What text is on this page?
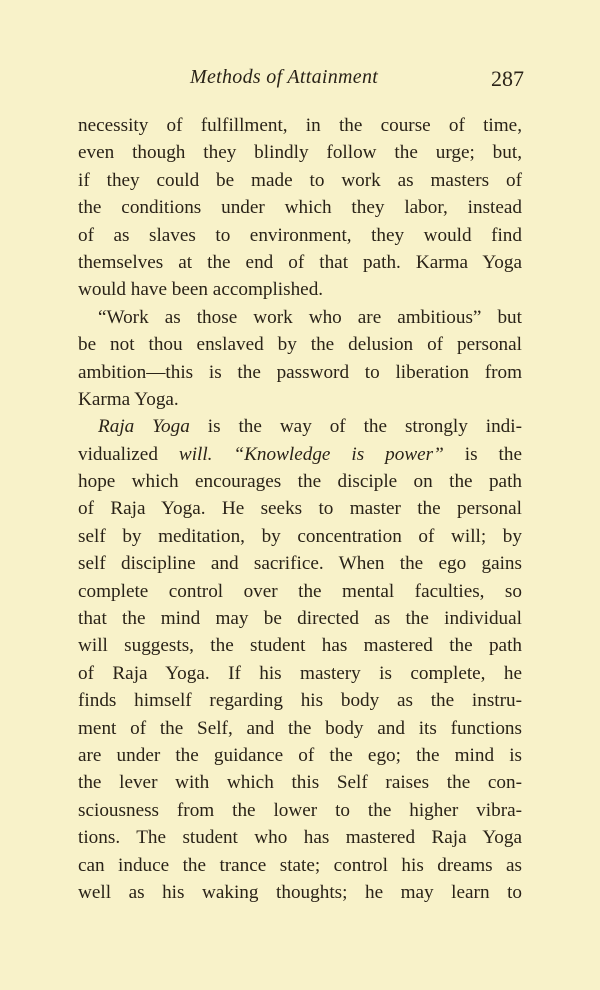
Methods of Attainment	287
necessity of fulfillment, in the course of time,
even though they blindly follow the urge; but,
if they could be made to work as masters of
the conditions under which they labor, instead
of as slaves to environment, they would find
themselves at the end of that path. Karma Yoga
would have been accomplished.
“Work as those work who are ambitious” but
be not thou enslaved by the delusion of personal
ambition—this is the password to liberation from
Karma Yoga.
Raja Yoga is the way of the strongly indi-
vidualized will. “Knowledge is power” is the
hope which encourages the disciple on the path
of Raja Yoga. He seeks to master the personal
self by meditation, by concentration of will; by
self discipline and sacrifice. When the ego gains
complete control over the mental faculties, so
that the mind may be directed as the individual
will suggests, the student has mastered the path
of Raja Yoga. If his mastery is complete, he
finds himself regarding his body as the instru-
ment of the Self, and the body and its functions
are under the guidance of the ego; the mind is
the lever with which this Self raises the con-
sciousness from the lower to the higher vibra-
tions. The student who has mastered Raja Yoga
can induce the trance state; control his dreams as
well as his waking thoughts; he may learn to
